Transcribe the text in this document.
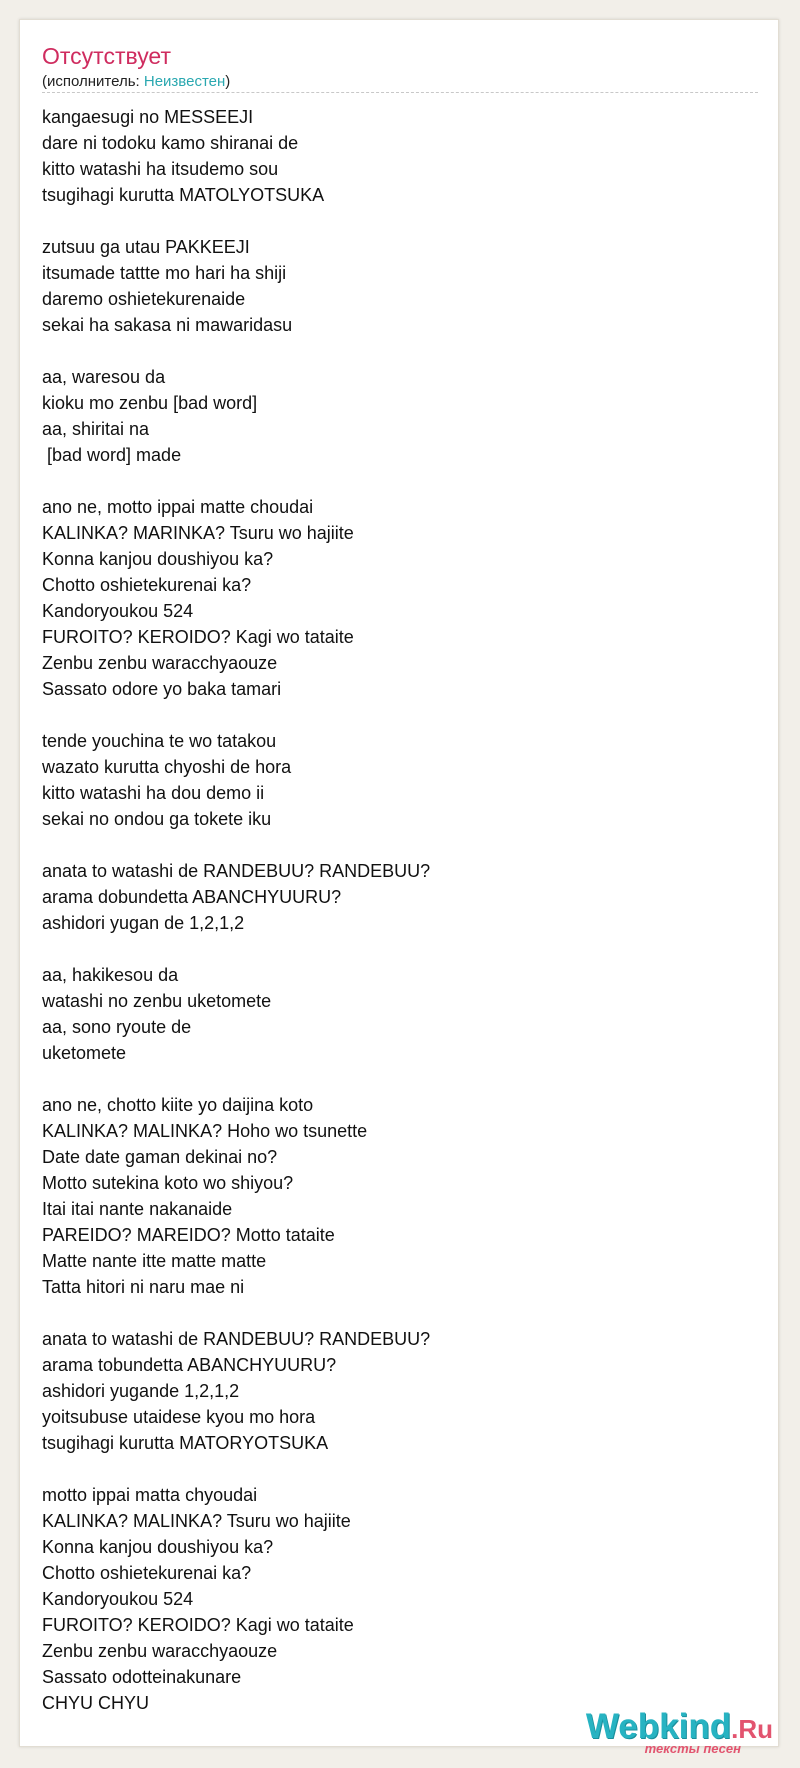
Отсутствует
(исполнитель: Неизвестен)
kangaesugi no MESSEEJI
dare ni todoku kamo shiranai de
kitto watashi ha itsudemo sou
tsugihagi kurutta MATOLYOTSUKA
zutsuu ga utau PAKKEEJI
itsumade tattte mo hari ha shiji
daremo oshietekurenaide
sekai ha sakasa ni mawaridasu
aa, waresou da
kioku mo zenbu [bad word]
aa, shiritai na
[bad word] made
ano ne, motto ippai matte choudai
KALINKA? MARINKA? Tsuru wo hajiite
Konna kanjou doushiyou ka?
Chotto oshietekurenai ka?
Kandoryoukou 524
FUROITO? KEROIDO? Kagi wo tataite
Zenbu zenbu waracchyaouze
Sassato odore yo baka tamari
tende youchina te wo tatakou
wazato kurutta chyoshi de hora
kitto watashi ha dou demo ii
sekai no ondou ga tokete iku
anata to watashi de RANDEBUU? RANDEBUU?
arama dobundetta ABANCHYUURU?
ashidori yugan de 1,2,1,2
aa, hakikesou da
watashi no zenbu uketomete
aa, sono ryoute de
uketomete
ano ne, chotto kiite yo daijina koto
KALINKA? MALINKA? Hoho wo tsunette
Date date gaman dekinai no?
Motto sutekina koto wo shiyou?
Itai itai nante nakanaide
PAREIDO? MAREIDO? Motto tataite
Matte nante itte matte matte
Tatta hitori ni naru mae ni
anata to watashi de RANDEBUU? RANDEBUU?
arama tobundetta ABANCHYUURU?
ashidori yugande 1,2,1,2
yoitsubuse utaidese kyou mo hora
tsugihagi kurutta MATORYOTSUKA
motto ippai matta chyoudai
KALINKA? MALINKA? Tsuru wo hajiite
Konna kanjou doushiyou ka?
Chotto oshietekurenai ka?
Kandoryoukou 524
FUROITO? KEROIDO? Kagi wo tataite
Zenbu zenbu waracchyaouze
Sassato odotteinakunare
CHYU CHYU
Webkind.Ru
тексты песен
